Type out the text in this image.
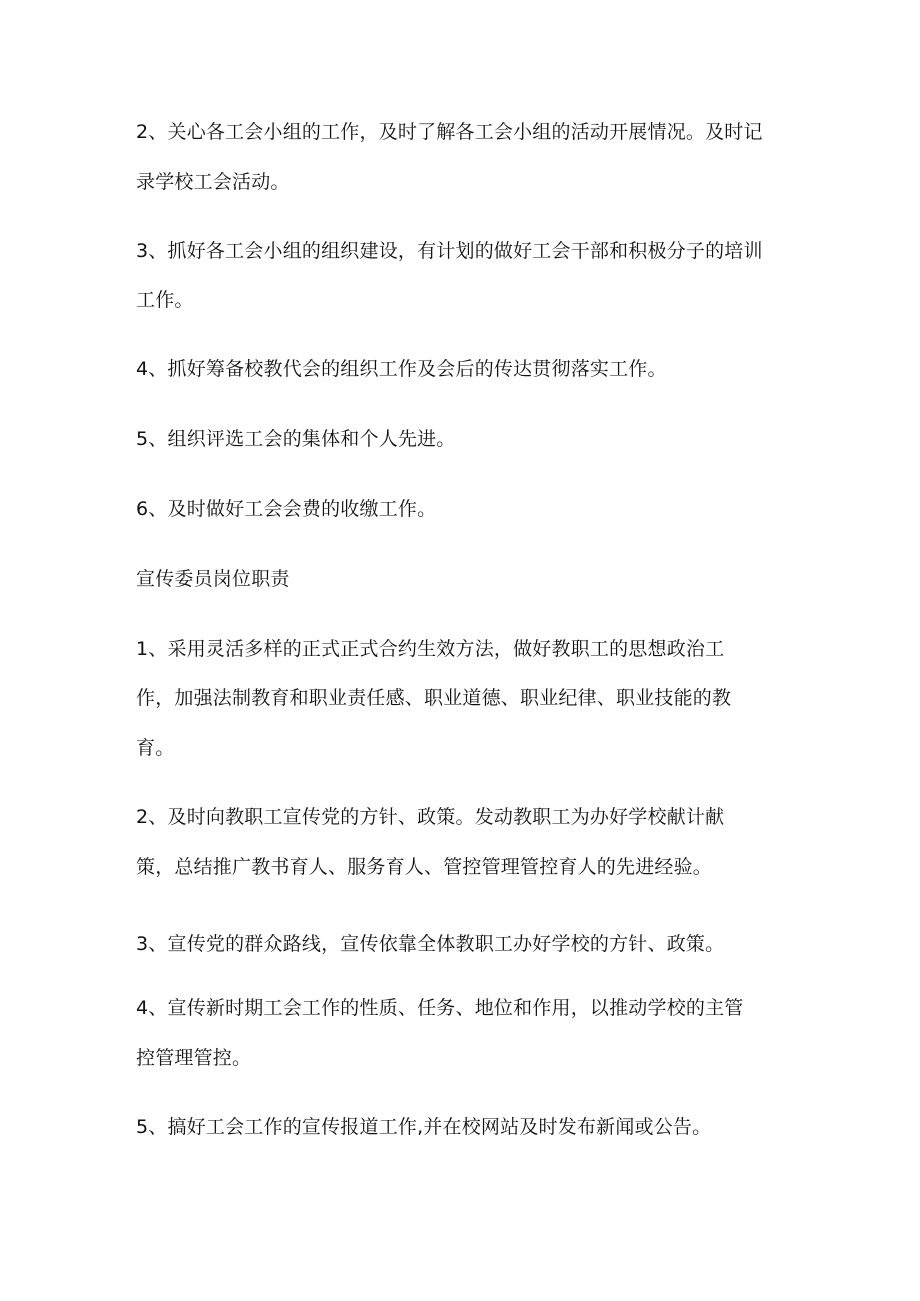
2、关心各工会小组的工作，及时了解各工会小组的活动开展情况。及时记
录学校工会活动。
3、抓好各工会小组的组织建设，有计划的做好工会干部和积极分子的培训
工作。
4、抓好筹备校教代会的组织工作及会后的传达贯彻落实工作。
5、组织评选工会的集体和个人先进。
6、及时做好工会会费的收缴工作。
宣传委员岗位职责
1、采用灵活多样的正式正式合约生效方法，做好教职工的思想政治工
作，加强法制教育和职业责任感、职业道德、职业纪律、职业技能的教
育。
2、及时向教职工宣传党的方针、政策。发动教职工为办好学校献计献
策，总结推广教书育人、服务育人、管控管理管控育人的先进经验。
3、宣传党的群众路线，宣传依靠全体教职工办好学校的方针、政策。
4、宣传新时期工会工作的性质、任务、地位和作用，以推动学校的主管
控管理管控。
5、搞好工会工作的宣传报道工作,并在校网站及时发布新闻或公告。
